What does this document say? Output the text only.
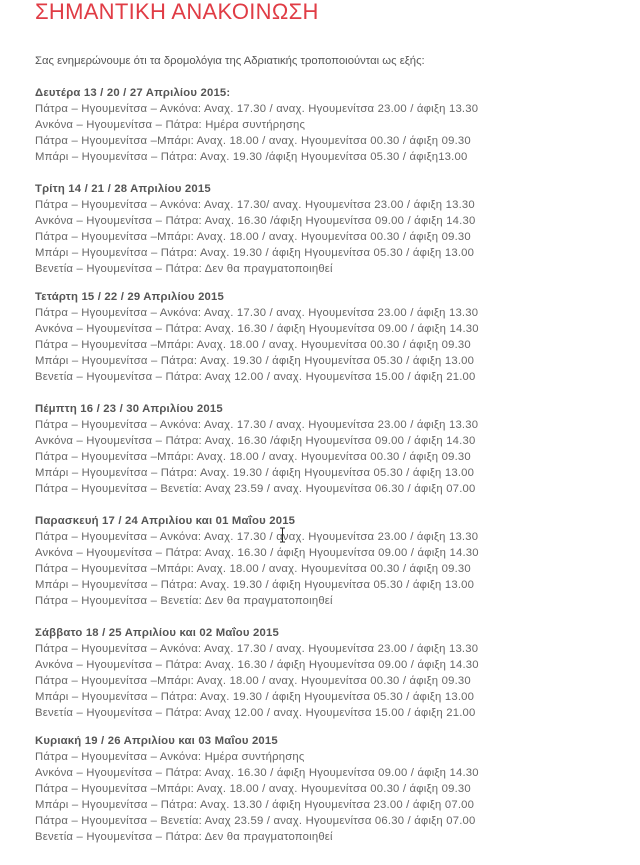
ΣΗΜΑΝΤΙΚΗ ΑΝΑΚΟΙΝΩΣΗ

Σας ενημερώνουμε ότι τα δρομολόγια της Αδριατικής τροποποιούνται ως εξής:

Δευτέρα 13 / 20 / 27 Απριλίου 2015:

Πάτρα – Ηγουμενίτσα – Ανκόνα: Αναχ. 17.30 / αναχ. Ηγουμενίτσα 23.00 / άφιξη 13.30

Ανκόνα – Ηγουμενίτσα – Πάτρα: Ημέρα συντήρησης

Πάτρα – Ηγουμενίτσα –Μπάρι: Αναχ. 18.00 / αναχ. Ηγουμενίτσα 00.30 / άφιξη 09.30

Μπάρι – Ηγουμενίτσα – Πάτρα: Αναχ. 19.30 /άφιξη Ηγουμενίτσα 05.30 / άφιξη13.00

Τρίτη 14 / 21 / 28 Απριλίου 2015

Πάτρα – Ηγουμενίτσα – Ανκόνα: Αναχ. 17.30/ αναχ. Ηγουμενίτσα 23.00 / άφιξη 13.30

Ανκόνα – Ηγουμενίτσα – Πάτρα: Αναχ. 16.30 /άφιξη Ηγουμενίτσα 09.00 / άφιξη 14.30

Πάτρα – Ηγουμενίτσα –Μπάρι: Αναχ. 18.00 / αναχ. Ηγουμενίτσα 00.30 / άφιξη 09.30

Μπάρι – Ηγουμενίτσα – Πάτρα: Αναχ. 19.30 / άφιξη Ηγουμενίτσα 05.30 / άφιξη 13.00

Βενετία – Ηγουμενίτσα – Πάτρα: Δεν θα πραγματοποιηθεί

Τετάρτη 15 / 22 / 29 Απριλίου 2015

Πάτρα – Ηγουμενίτσα – Ανκόνα: Αναχ. 17.30 / αναχ. Ηγουμενίτσα 23.00 / άφιξη 13.30

Ανκόνα – Ηγουμενίτσα – Πάτρα: Αναχ. 16.30 / άφιξη Ηγουμενίτσα 09.00 / άφιξη 14.30

Πάτρα – Ηγουμενίτσα –Μπάρι: Αναχ. 18.00 / αναχ. Ηγουμενίτσα 00.30 / άφιξη 09.30

Μπάρι – Ηγουμενίτσα – Πάτρα: Αναχ. 19.30 / άφιξη Ηγουμενίτσα 05.30 / άφιξη 13.00

Βενετία – Ηγουμενίτσα – Πάτρα: Αναχ 12.00 / αναχ. Ηγουμενίτσα 15.00 / άφιξη 21.00

Πέμπτη 16 / 23 / 30 Απριλίου 2015

Πάτρα – Ηγουμενίτσα – Ανκόνα: Αναχ. 17.30 / αναχ. Ηγουμενίτσα 23.00 / άφιξη 13.30

Ανκόνα – Ηγουμενίτσα – Πάτρα: Αναχ. 16.30 /άφιξη Ηγουμενίτσα 09.00 / άφιξη 14.30

Πάτρα – Ηγουμενίτσα –Μπάρι: Αναχ. 18.00 / αναχ. Ηγουμενίτσα 00.30 / άφιξη 09.30

Μπάρι – Ηγουμενίτσα – Πάτρα: Αναχ. 19.30 / άφιξη Ηγουμενίτσα 05.30 / άφιξη 13.00

Πάτρα – Ηγουμενίτσα – Βενετία: Αναχ 23.59 / αναχ. Ηγουμενίτσα 06.30 / άφιξη 07.00

Παρασκευή 17 / 24 Απριλίου και 01 Μαΐου 2015

Πάτρα – Ηγουμενίτσα – Ανκόνα: Αναχ. 17.30 / αναχ. Ηγουμενίτσα 23.00 / άφιξη 13.30

Ανκόνα – Ηγουμενίτσα – Πάτρα: Αναχ. 16.30 / άφιξη Ηγουμενίτσα 09.00 / άφιξη 14.30

Πάτρα – Ηγουμενίτσα –Μπάρι: Αναχ. 18.00 / αναχ. Ηγουμενίτσα 00.30 / άφιξη 09.30

Μπάρι – Ηγουμενίτσα – Πάτρα: Αναχ. 19.30 / άφιξη Ηγουμενίτσα 05.30 / άφιξη 13.00

Πάτρα – Ηγουμενίτσα – Βενετία: Δεν θα πραγματοποιηθεί

Σάββατο 18 / 25 Απριλίου και 02 Μαΐου 2015

Πάτρα – Ηγουμενίτσα – Ανκόνα: Αναχ. 17.30 / αναχ. Ηγουμενίτσα 23.00 / άφιξη 13.30

Ανκόνα – Ηγουμενίτσα – Πάτρα: Αναχ. 16.30 / άφιξη Ηγουμενίτσα 09.00 / άφιξη 14.30

Πάτρα – Ηγουμενίτσα –Μπάρι: Αναχ. 18.00 / αναχ. Ηγουμενίτσα 00.30 / άφιξη 09.30

Μπάρι – Ηγουμενίτσα – Πάτρα: Αναχ. 19.30 / άφιξη Ηγουμενίτσα 05.30 / άφιξη 13.00

Βενετία – Ηγουμενίτσα – Πάτρα: Αναχ 12.00 / αναχ. Ηγουμενίτσα 15.00 / άφιξη 21.00

Κυριακή 19 / 26 Απριλίου και 03 Μαΐου 2015

Πάτρα – Ηγουμενίτσα – Ανκόνα: Ημέρα συντήρησης

Ανκόνα – Ηγουμενίτσα – Πάτρα: Αναχ. 16.30 / άφιξη Ηγουμενίτσα 09.00 / άφιξη 14.30

Πάτρα – Ηγουμενίτσα –Μπάρι: Αναχ. 18.00 / αναχ. Ηγουμενίτσα 00.30 / άφιξη 09.30

Μπάρι – Ηγουμενίτσα – Πάτρα: Αναχ. 13.30 / άφιξη Ηγουμενίτσα 23.00 / άφιξη 07.00

Πάτρα – Ηγουμενίτσα – Βενετία: Αναχ 23.59 / αναχ. Ηγουμενίτσα 06.30 / άφιξη 07.00

Βενετία – Ηγουμενίτσα – Πάτρα: Δεν θα πραγματοποιηθεί
